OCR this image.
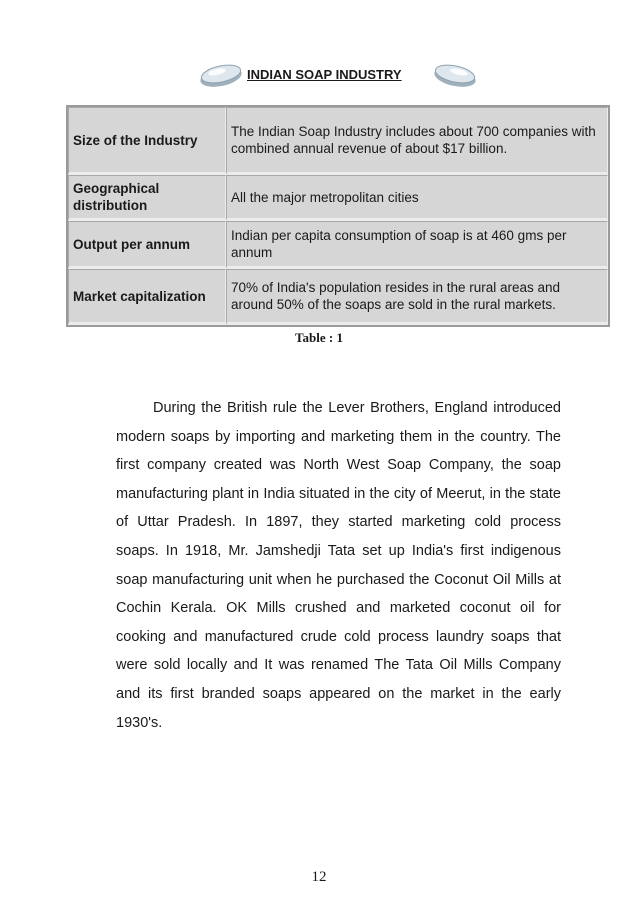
INDIAN SOAP INDUSTRY
Size of the Industry	The Indian Soap Industry includes about 700 companies with combined annual revenue of about $17 billion.
Geographical distribution	All the major metropolitan cities
Output per annum	Indian per capita consumption of soap is at 460 gms per annum
Market capitalization	70% of India's population resides in the rural areas and around 50% of the soaps are sold in the rural markets.
Table : 1

During the British rule the Lever Brothers, England introduced modern soaps by importing and marketing them in the country. The first company created was North West Soap Company, the soap manufacturing plant in India situated in the city of Meerut, in the state of Uttar Pradesh. In 1897, they started marketing cold process soaps. In 1918, Mr. Jamshedji Tata set up India's first indigenous soap manufacturing unit when he purchased the Coconut Oil Mills at Cochin Kerala. OK Mills crushed and marketed coconut oil for cooking and manufactured crude cold process laundry soaps that were sold locally and It was renamed The Tata Oil Mills Company and its first branded soaps appeared on the market in the early 1930's.

12
